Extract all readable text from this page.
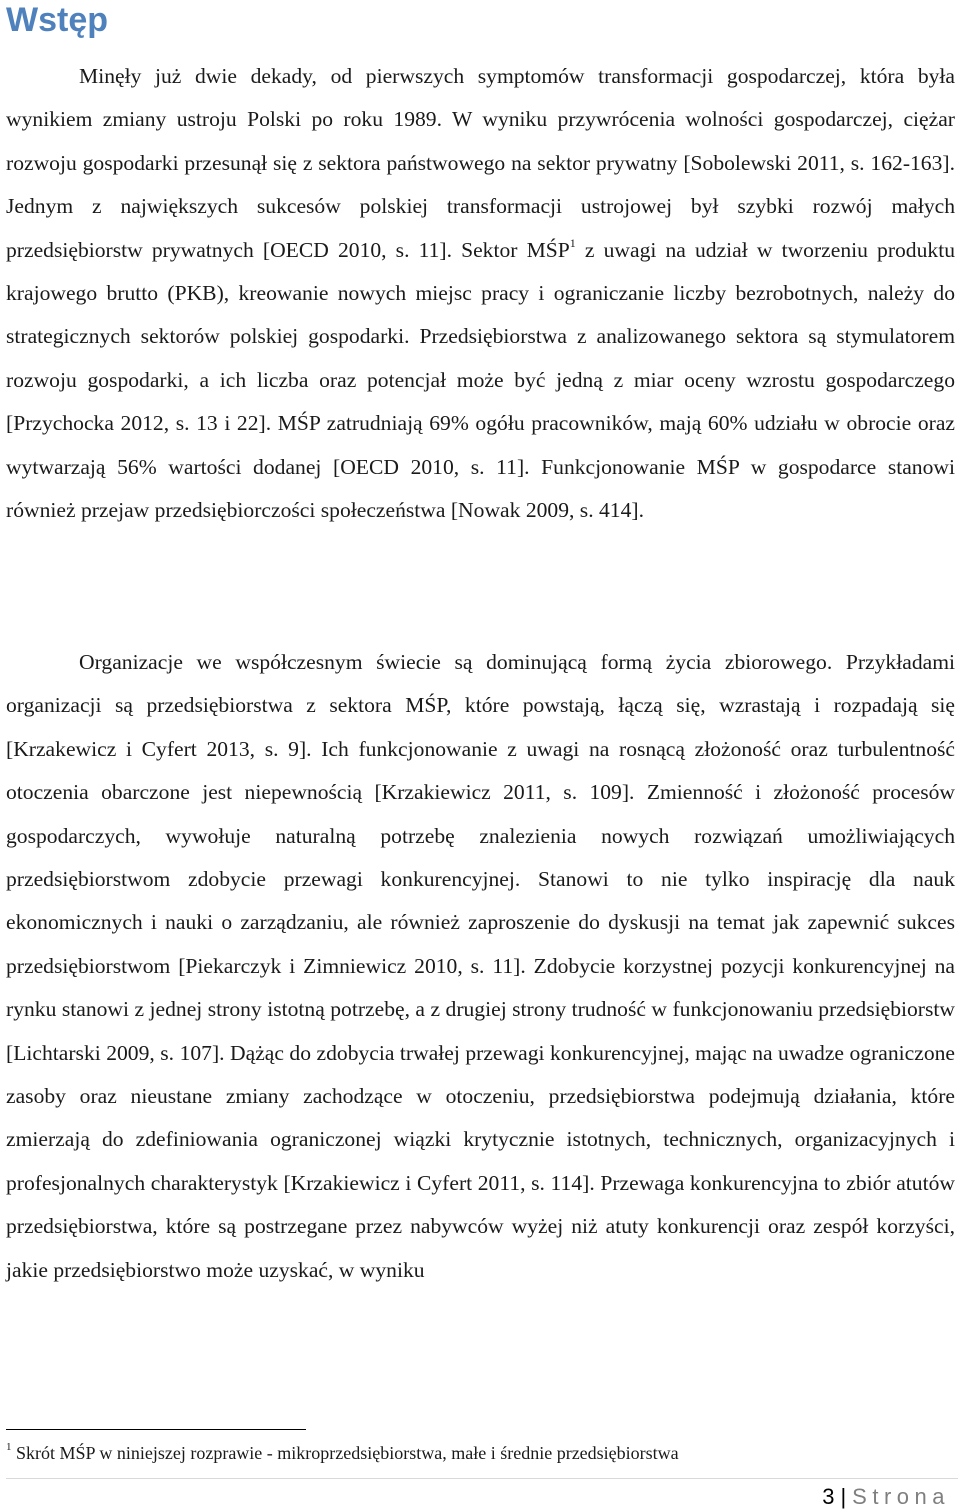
Wstęp

Minęły już dwie dekady, od pierwszych symptomów transformacji gospodarczej, która była wynikiem zmiany ustroju Polski po roku 1989. W wyniku przywrócenia wolności gospodarczej, ciężar rozwoju gospodarki przesunął się z sektora państwowego na sektor prywatny [Sobolewski 2011, s. 162-163]. Jednym z największych sukcesów polskiej transformacji ustrojowej był szybki rozwój małych przedsiębiorstw prywatnych [OECD 2010, s. 11]. Sektor MŚP$^1$ z uwagi na udział w tworzeniu produktu krajowego brutto (PKB), kreowanie nowych miejsc pracy i ograniczanie liczby bezrobotnych, należy do strategicznych sektorów polskiej gospodarki. Przedsiębiorstwa z analizowanego sektora są stymulatorem rozwoju gospodarki, a ich liczba oraz potencjał może być jedną z miar oceny wzrostu gospodarczego [Przychocka 2012, s. 13 i 22]. MŚP zatrudniają 69% ogółu pracowników, mają 60% udziału w obrocie oraz wytwarzają 56% wartości dodanej [OECD 2010, s. 11]. Funkcjonowanie MŚP w gospodarce stanowi również przejaw przedsiębiorczości społeczeństwa [Nowak 2009, s. 414].

Organizacje we współczesnym świecie są dominującą formą życia zbiorowego. Przykładami organizacji są przedsiębiorstwa z sektora MŚP, które powstają, łączą się, wzrastają i rozpadają się [Krzakewicz i Cyfert 2013, s. 9]. Ich funkcjonowanie z uwagi na rosnącą złożoność oraz turbulentność otoczenia obarczone jest niepewnością [Krzakiewicz 2011, s. 109]. Zmienność i złożoność procesów gospodarczych, wywołuje naturalną potrzebę znalezienia nowych rozwiązań umożliwiających przedsiębiorstwom zdobycie przewagi konkurencyjnej. Stanowi to nie tylko inspirację dla nauk ekonomicznych i nauki o zarządzaniu, ale również zaproszenie do dyskusji na temat jak zapewnić sukces przedsiębiorstwom [Piekarczyk i Zimniewicz 2010, s. 11]. Zdobycie korzystnej pozycji konkurencyjnej na rynku stanowi z jednej strony istotną potrzebę, a z drugiej strony trudność w funkcjonowaniu przedsiębiorstw [Lichtarski 2009, s. 107]. Dążąc do zdobycia trwałej przewagi konkurencyjnej, mając na uwadze ograniczone zasoby oraz nieustane zmiany zachodzące w otoczeniu, przedsiębiorstwa podejmują działania, które zmierzają do zdefiniowania ograniczonej wiązki krytycznie istotnych, technicznych, organizacyjnych i profesjonalnych charakterystyk [Krzakiewicz i Cyfert 2011, s. 114]. Przewaga konkurencyjna to zbiór atutów przedsiębiorstwa, które są postrzegane przez nabywców wyżej niż atuty konkurencji oraz zespół korzyści, jakie przedsiębiorstwo może uzyskać, w wyniku

$^1$ Skrót MŚP w niniejszej rozprawie - mikroprzedsiębiorstwa, małe i średnie przedsiębiorstwa

3 | Strona
